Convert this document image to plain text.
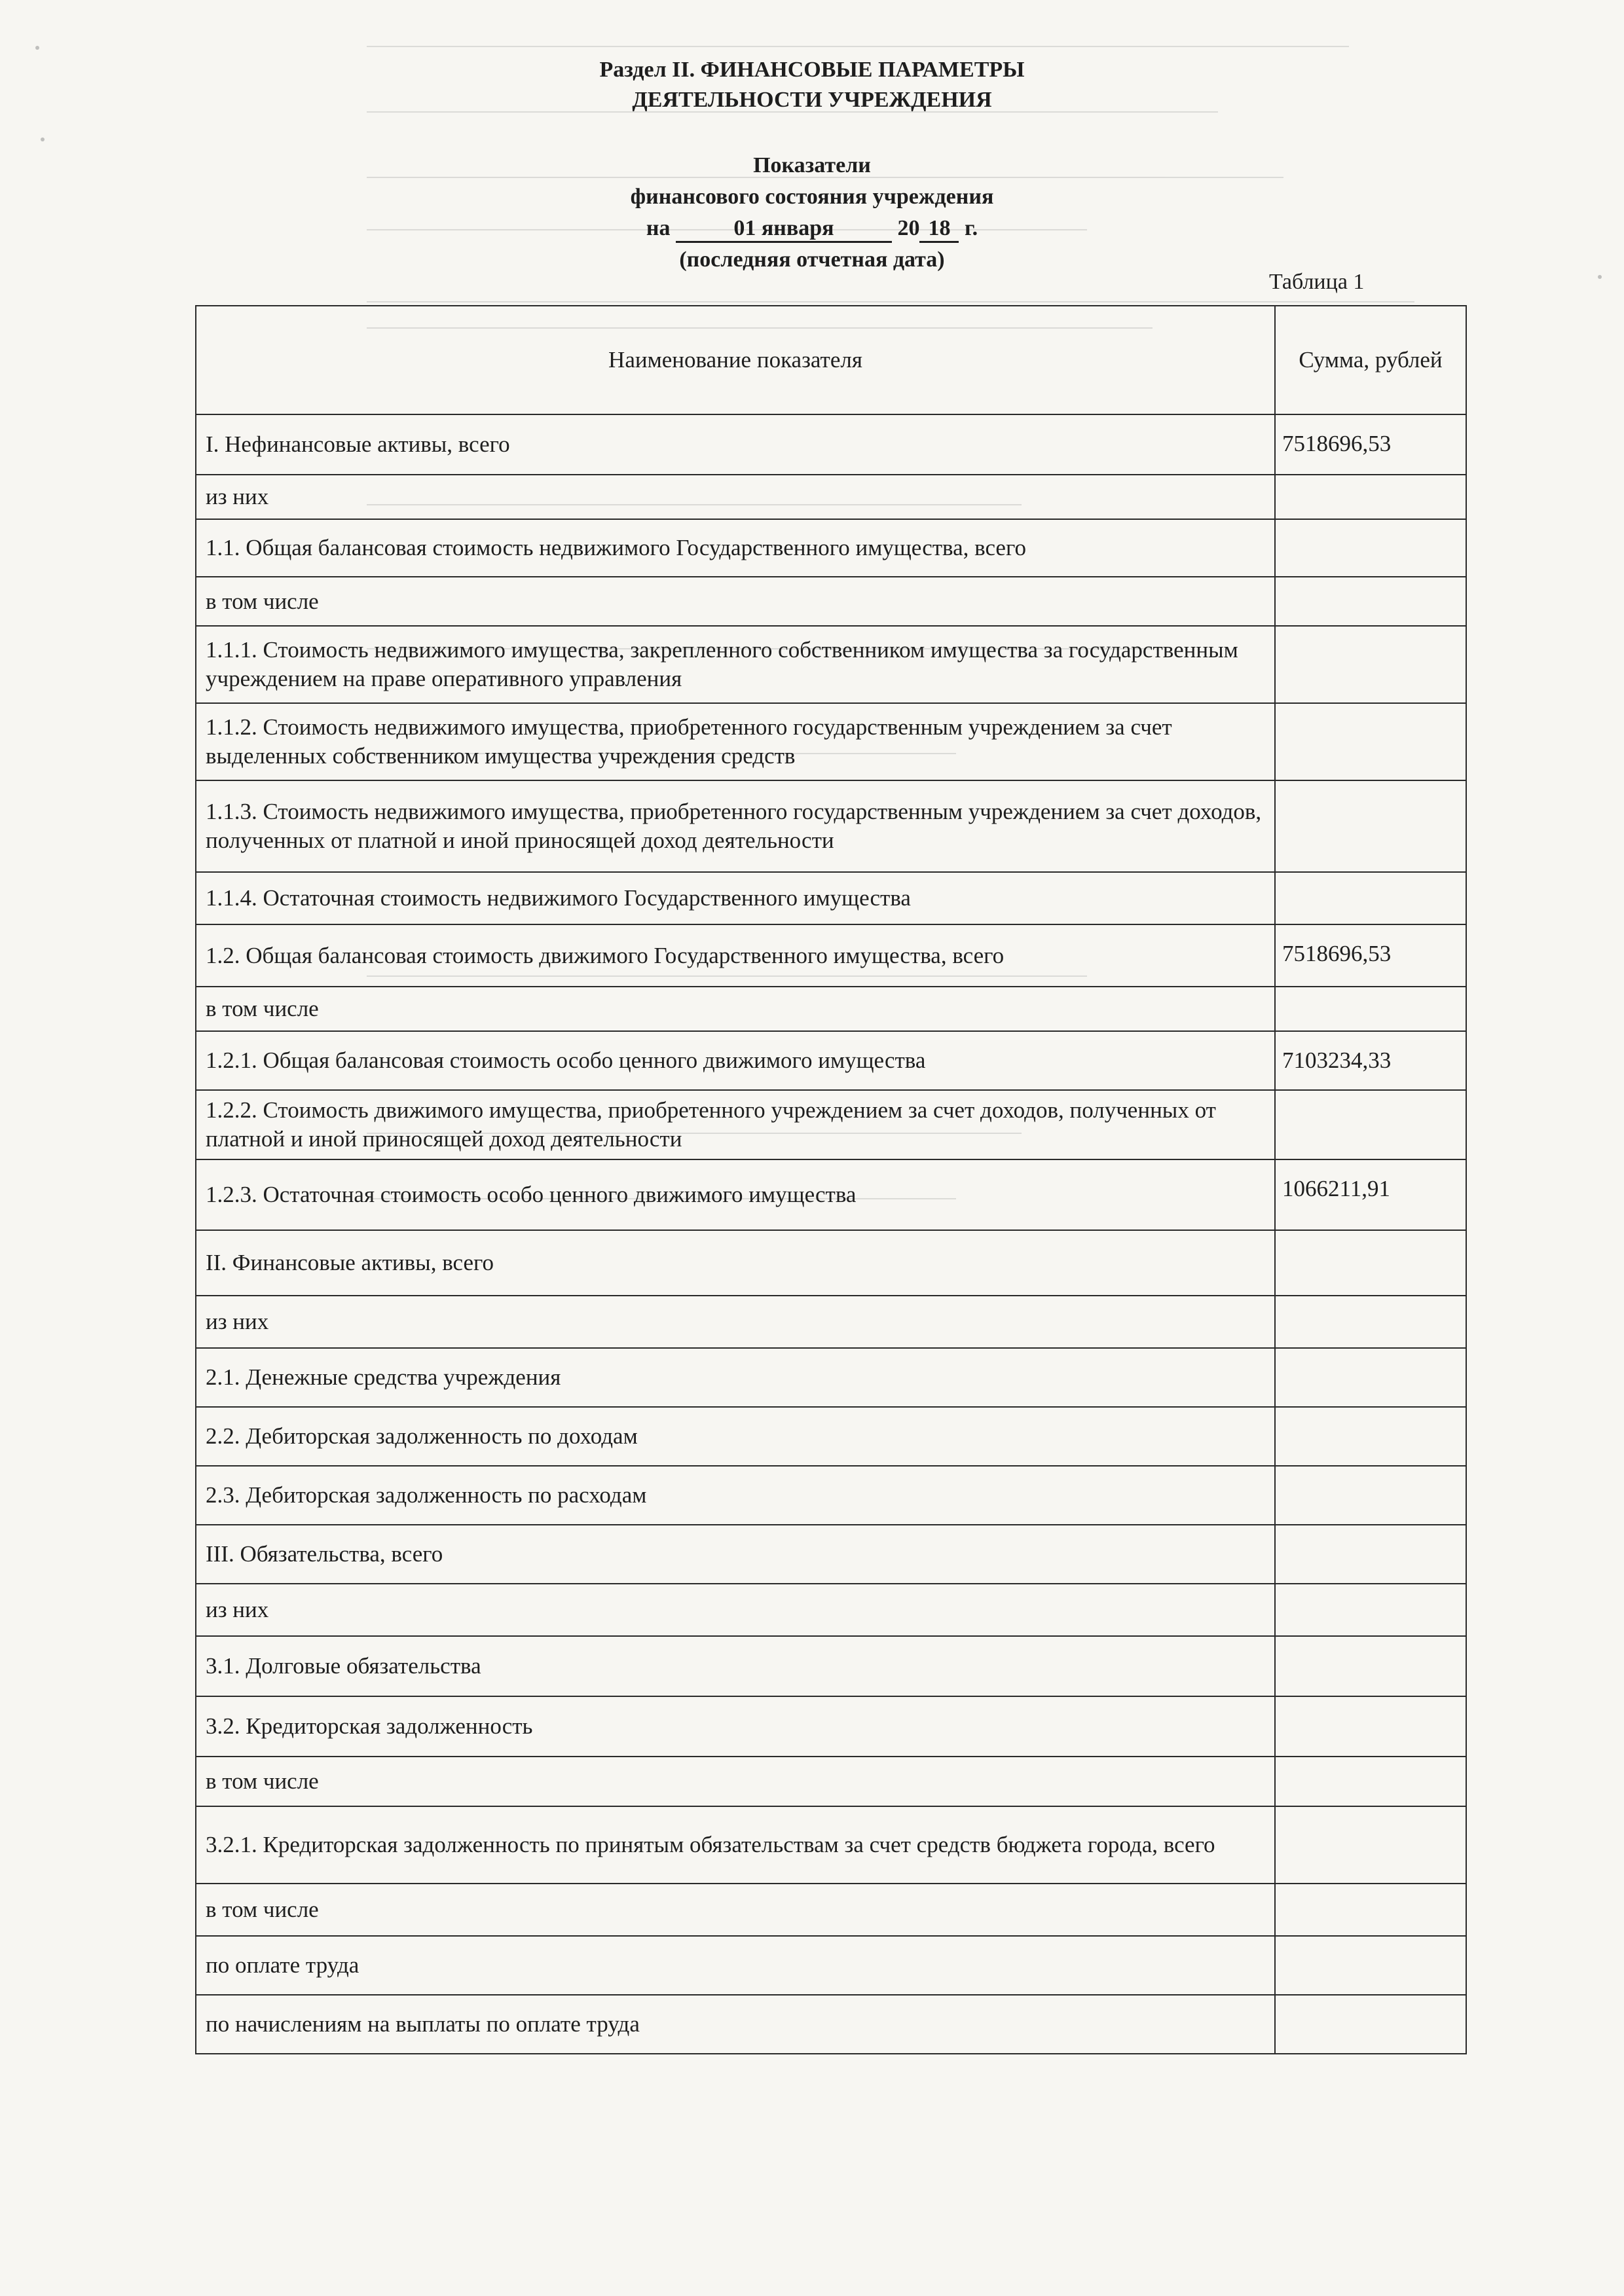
Раздел II. ФИНАНСОВЫЕ ПАРАМЕТРЫ
ДЕЯТЕЛЬНОСТИ УЧРЕЖДЕНИЯ
Показатели
финансового состояния учреждения
на	01 января	20 18 г.
(последняя отчетная дата)
Таблица 1
Наименование показателя	Сумма, рублей
I. Нефинансовые активы, всего	7518696,53
из них	
1.1. Общая балансовая стоимость недвижимого Государственного имущества, всего	
в том числе	
1.1.1. Стоимость недвижимого имущества, закрепленного собственником имущества за государственным учреждением на праве оперативного управления	
1.1.2. Стоимость недвижимого имущества, приобретенного государственным учреждением за счет выделенных собственником имущества учреждения средств	
1.1.3. Стоимость недвижимого имущества, приобретенного государственным учреждением за счет доходов, полученных от платной и иной приносящей доход деятельности	
1.1.4. Остаточная стоимость недвижимого Государственного имущества	
1.2. Общая балансовая стоимость движимого Государственного имущества, всего	7518696,53
в том числе	
1.2.1. Общая балансовая стоимость особо ценного движимого имущества	7103234,33
1.2.2. Стоимость движимого имущества, приобретенного учреждением за счет доходов, полученных от платной и иной приносящей доход деятельности	
1.2.3. Остаточная стоимость особо ценного движимого имущества	1066211,91
II. Финансовые активы, всего	
из них	
2.1. Денежные средства учреждения	
2.2. Дебиторская задолженность по доходам	
2.3. Дебиторская задолженность по расходам	
III. Обязательства, всего	
из них	
3.1. Долговые обязательства	
3.2. Кредиторская задолженность	
в том числе	
3.2.1. Кредиторская задолженность по принятым обязательствам за счет средств бюджета города, всего	
в том числе	
по оплате труда	
по начислениям на выплаты по оплате труда	
